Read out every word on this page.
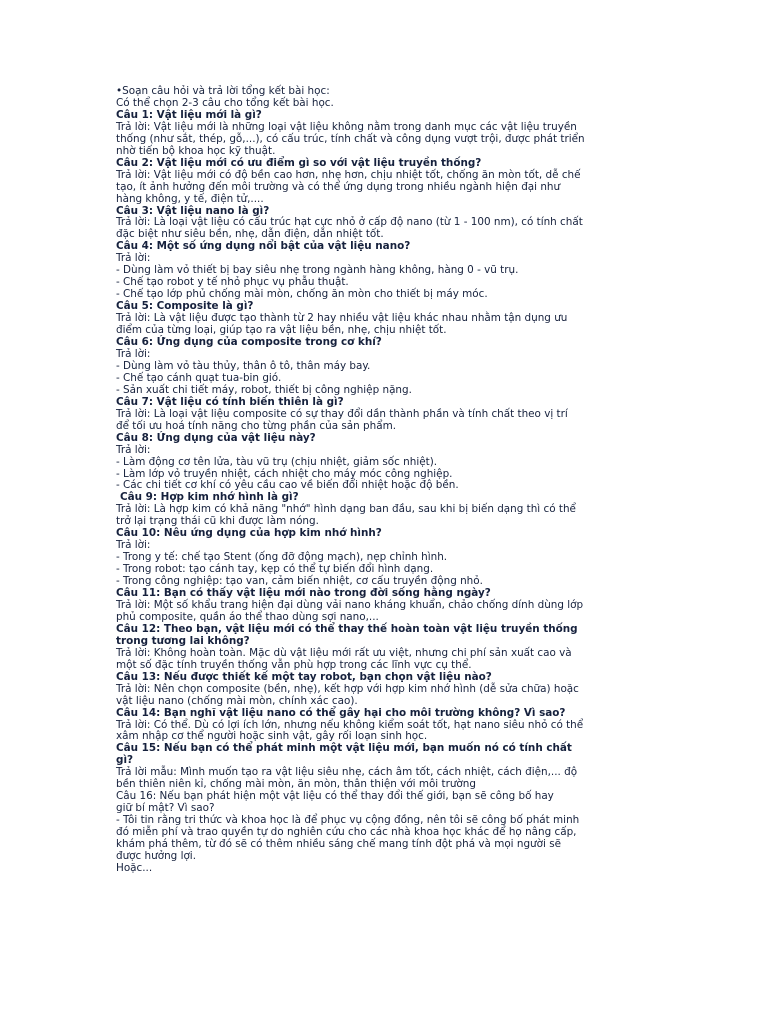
•Soạn câu hỏi và trả lời tổng kết bài học:
Có thể chọn 2-3 câu cho tổng kết bài học.
Câu 1: Vật liệu mới là gì?
Trả lời: Vật liệu mới là những loại vật liệu không nằm trong danh mục các vật liệu truyền
thống (như sắt, thép, gỗ,...), có cấu trúc, tính chất và công dụng vượt trội, được phát triển
nhờ tiến bộ khoa học kỹ thuật.
Câu 2: Vật liệu mới có ưu điểm gì so với vật liệu truyền thống?
Trả lời: Vật liệu mới có độ bền cao hơn, nhẹ hơn, chịu nhiệt tốt, chống ăn mòn tốt, dễ chế
tạo, ít ảnh hưởng đến môi trường và có thể ứng dụng trong nhiều ngành hiện đại như
hàng không, y tế, điện tử,....
Câu 3: Vật liệu nano là gì?
Trả lời: Là loại vật liệu có cấu trúc hạt cực nhỏ ở cấp độ nano (từ 1 - 100 nm), có tính chất
đặc biệt như siêu bền, nhẹ, dẫn điện, dẫn nhiệt tốt.
Câu 4: Một số ứng dụng nổi bật của vật liệu nano?
Trả lời:
- Dùng làm vỏ thiết bị bay siêu nhẹ trong ngành hàng không, hàng 0 - vũ trụ.
- Chế tạo robot y tế nhỏ phục vụ phẫu thuật.
- Chế tạo lớp phủ chống mài mòn, chống ăn mòn cho thiết bị máy móc.
Câu 5: Composite là gì?
Trả lời: Là vật liệu được tạo thành từ 2 hay nhiều vật liệu khác nhau nhằm tận dụng ưu
điểm của từng loại, giúp tạo ra vật liệu bền, nhẹ, chịu nhiệt tốt.
Câu 6: Ứng dụng của composite trong cơ khí?
Trả lời:
- Dùng làm vỏ tàu thủy, thân ô tô, thân máy bay.
- Chế tạo cánh quạt tua-bin gió.
- Sản xuất chi tiết máy, robot, thiết bị công nghiệp nặng.
Câu 7: Vật liệu có tính biến thiên là gì?
Trả lời: Là loại vật liệu composite có sự thay đổi dần thành phần và tính chất theo vị trí
để tối ưu hoá tính năng cho từng phần của sản phẩm.
Câu 8: Ứng dụng của vật liệu này?
Trả lời:
- Làm động cơ tên lửa, tàu vũ trụ (chịu nhiệt, giảm sốc nhiệt).
- Làm lớp vỏ truyền nhiệt, cách nhiệt cho máy móc công nghiệp.
- Các chi tiết cơ khí có yêu cầu cao về biến đổi nhiệt hoặc độ bền.
Câu 9: Hợp kim nhớ hình là gì?
Trả lời: Là hợp kim có khả năng "nhớ" hình dạng ban đầu, sau khi bị biến dạng thì có thể
trở lại trạng thái cũ khi được làm nóng.
Câu 10: Nêu ứng dụng của hợp kim nhớ hình?
Trả lời:
- Trong y tế: chế tạo Stent (ống đỡ động mạch), nẹp chỉnh hình.
- Trong robot: tạo cánh tay, kẹp có thể tự biến đổi hình dạng.
- Trong công nghiệp: tạo van, cảm biến nhiệt, cơ cấu truyền động nhỏ.
Câu 11: Bạn có thấy vật liệu mới nào trong đời sống hằng ngày?
Trả lời: Một số khẩu trang hiện đại dùng vải nano kháng khuẩn, chảo chống dính dùng lớp
phủ composite, quần áo thể thao dùng sợi nano,...
Câu 12: Theo bạn, vật liệu mới có thể thay thế hoàn toàn vật liệu truyền thống
trong tương lai không?
Trả lời: Không hoàn toàn. Mặc dù vật liệu mới rất ưu việt, nhưng chi phí sản xuất cao và
một số đặc tính truyền thống vẫn phù hợp trong các lĩnh vực cụ thể.
Câu 13: Nếu được thiết kế một tay robot, bạn chọn vật liệu nào?
Trả lời: Nên chọn composite (bền, nhẹ), kết hợp với hợp kim nhớ hình (dễ sửa chữa) hoặc
vật liệu nano (chống mài mòn, chính xác cao).
Câu 14: Bạn nghĩ vật liệu nano có thể gây hại cho môi trường không? Vì sao?
Trả lời: Có thể. Dù có lợi ích lớn, nhưng nếu không kiểm soát tốt, hạt nano siêu nhỏ có thể
xâm nhập cơ thể người hoặc sinh vật, gây rối loạn sinh học.
Câu 15: Nếu bạn có thể phát minh một vật liệu mới, bạn muốn nó có tính chất
gì?
Trả lời mẫu: Mình muốn tạo ra vật liệu siêu nhẹ, cách âm tốt, cách nhiệt, cách điện,... độ
bền thiên niên kỉ, chống mài mòn, ăn mòn, thân thiện với môi trường
Câu 16: Nếu bạn phát hiện một vật liệu có thể thay đổi thế giới, bạn sẽ công bố hay
giữ bí mật? Vì sao?
- Tôi tin rằng tri thức và khoa học là để phục vụ cộng đồng, nên tôi sẽ công bố phát minh
đó miễn phí và trao quyền tự do nghiên cứu cho các nhà khoa học khác để họ nâng cấp,
khám phá thêm, từ đó sẽ có thêm nhiều sáng chế mang tính đột phá và mọi người sẽ
được hưởng lợi.
Hoặc...
